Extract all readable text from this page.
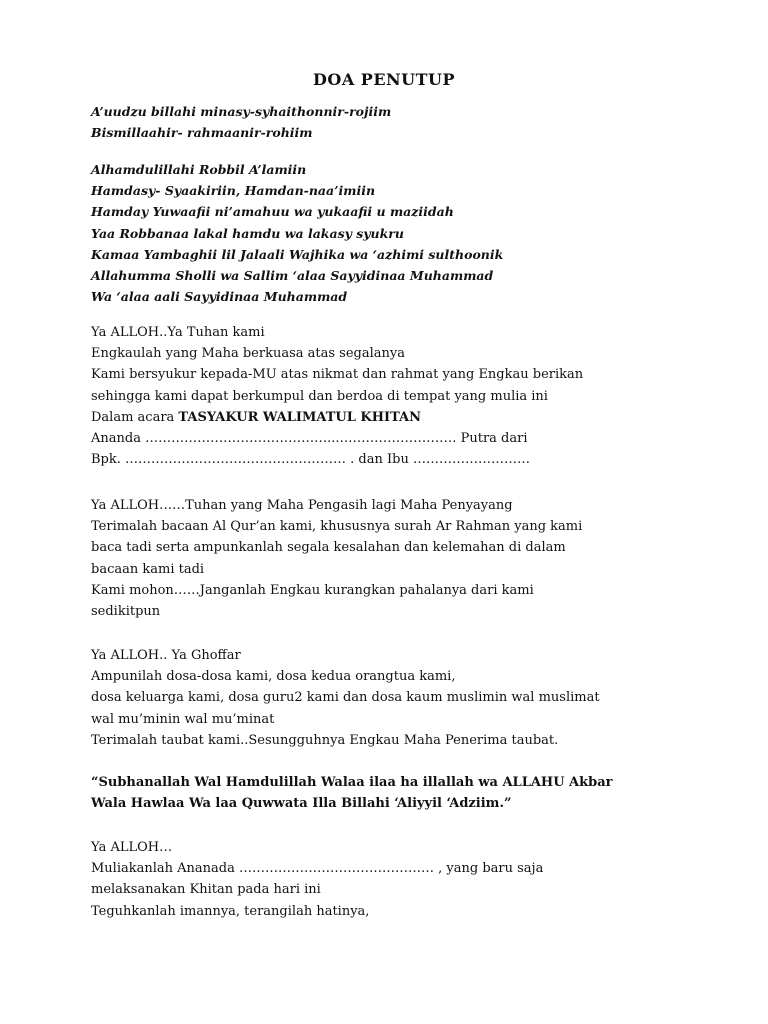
DOA PENUTUP
A’uudzu billahi minasy-syhaithonnir-rojiim
Bismillaahir- rahmaanir-rohiim
Alhamdulillahi Robbil A’lamiin
Hamdasy- Syaakiriin, Hamdan-naa’imiin
Hamday Yuwaafii ni’amahuu wa yukaafii u maziidah
Yaa Robbanaa lakal hamdu wa lakasy syukru
Kamaa Yambaghii lil Jalaali Wajhika wa ‘azhimi sulthoonik
Allahumma Sholli wa Sallim ‘alaa Sayyidinaa Muhammad
Wa ‘alaa aali Sayyidinaa Muhammad
Ya ALLOH..Ya Tuhan kami
Engkaulah yang Maha berkuasa atas segalanya
Kami bersyukur kepada-MU atas nikmat dan rahmat yang Engkau berikan
sehingga kami dapat berkumpul dan berdoa di tempat yang mulia ini
Dalam acara TASYAKUR WALIMATUL KHITAN
Ananda ……………………………………...……………………… Putra dari
Bpk. …………………………………………… . dan Ibu ………………………
Ya ALLOH……Tuhan yang Maha Pengasih lagi Maha Penyayang
Terimalah bacaan Al Qur’an kami, khususnya surah Ar Rahman yang kami
baca tadi serta ampunkanlah segala kesalahan dan kelemahan di dalam
bacaan kami tadi
Kami mohon……Janganlah Engkau kurangkan pahalanya dari kami
sedikitpun
Ya ALLOH.. Ya Ghoffar
Ampunilah dosa-dosa kami, dosa kedua orangtua kami,
dosa keluarga kami, dosa guru2 kami dan dosa kaum muslimin wal muslimat
wal mu’minin wal mu’minat
Terimalah taubat kami..Sesungguhnya Engkau Maha Penerima taubat.
“Subhanallah Wal Hamdulillah Walaa ilaa ha illallah wa ALLAHU Akbar
Wala Hawlaa Wa laa Quwwata Illa Billahi ‘Aliyyil ‘Adziim.”
Ya ALLOH…
Muliakanlah Ananada ……………………………………… , yang baru saja
melaksanakan Khitan pada hari ini
Teguhkanlah imannya, terangilah hatinya,
